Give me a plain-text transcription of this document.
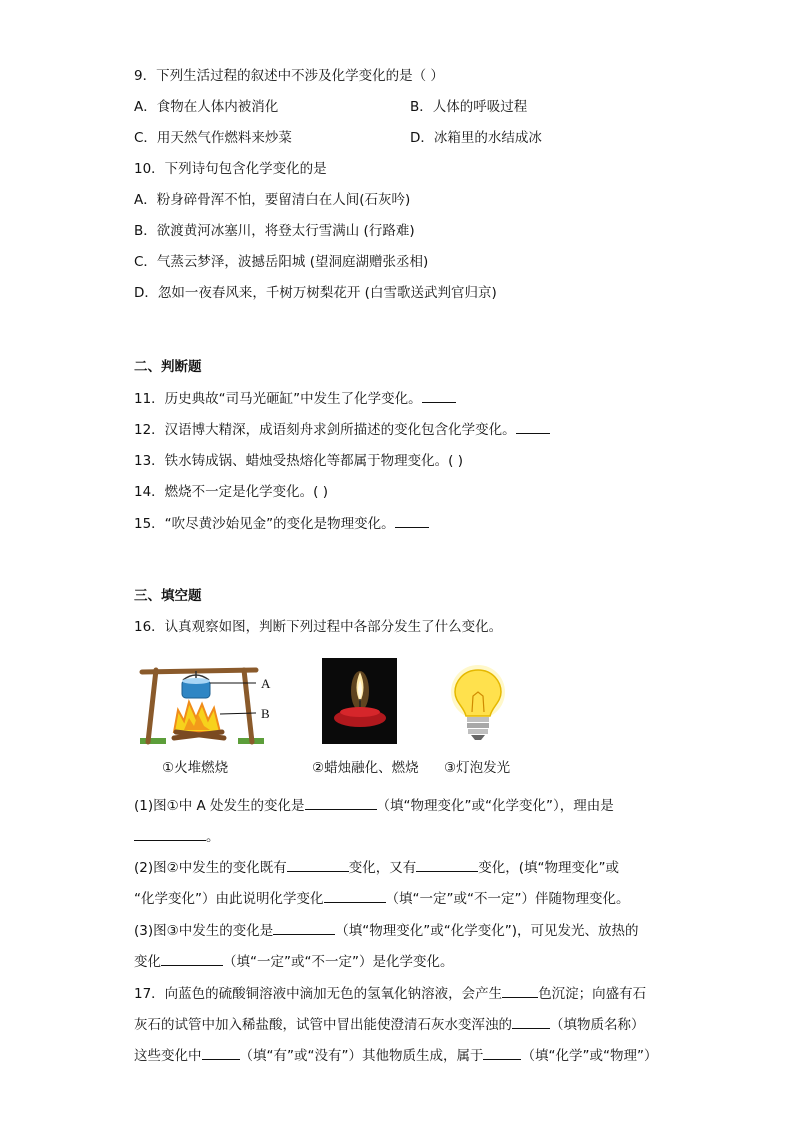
9．下列生活过程的叙述中不涉及化学变化的是（ ）
A．食物在人体内被消化	B．人体的呼吸过程
C．用天然气作燃料来炒菜	D．冰箱里的水结成冰
10．下列诗句包含化学变化的是
A．粉身碎骨浑不怕，要留清白在人间(石灰吟)
B．欲渡黄河冰塞川，将登太行雪满山 (行路难)
C．气蒸云梦泽，波撼岳阳城 (望洞庭湖赠张丞相)
D．忽如一夜春风来，千树万树梨花开 (白雪歌送武判官归京)
二、判断题
11．历史典故“司马光砸缸”中发生了化学变化。
12．汉语博大精深，成语刻舟求剑所描述的变化包含化学变化。
13．铁水铸成锅、蜡烛受热熔化等都属于物理变化。( )
14．燃烧不一定是化学变化。( )
15．“吹尽黄沙始见金”的变化是物理变化。
三、填空题
16．认真观察如图，判断下列过程中各部分发生了什么变化。
A
B
①火堆燃烧	②蜡烛融化、燃烧 ③灯泡发光
(1)图①中 A 处发生的变化是	（填“物理变化”或“化学变化”），理由是
。
(2)图②中发生的变化既有	变化，又有	变化，(填“物理变化”或
“化学变化”）由此说明化学变化	（填“一定”或“不一定”）伴随物理变化。
(3)图③中发生的变化是	（填“物理变化”或“化学变化”)，可见发光、放热的
变化	（填“一定”或“不一定”）是化学变化。
17．向蓝色的硫酸铜溶液中滴加无色的氢氧化钠溶液，会产生	色沉淀；向盛有石
灰石的试管中加入稀盐酸，试管中冒出能使澄清石灰水变浑浊的	（填物质名称）
这些变化中	（填“有”或“没有”）其他物质生成，属于	（填“化学”或“物理”）
